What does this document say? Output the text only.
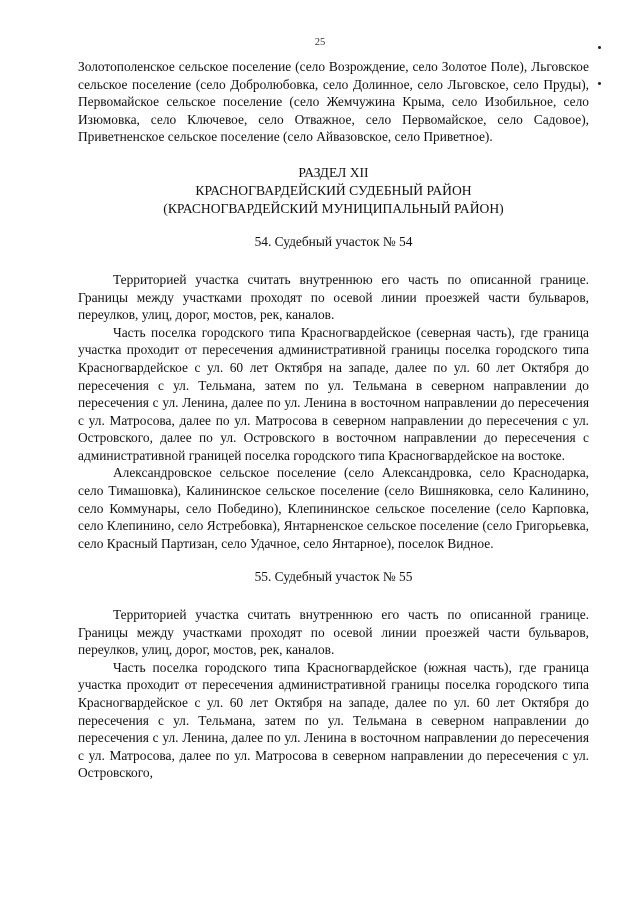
25

Золотополенское сельское поселение (село Возрождение, село Золотое Поле), Льговское сельское поселение (село Добролюбовка, село Долинное, село Льговское, село Пруды), Первомайское сельское поселение (село Жемчужина Крыма, село Изобильное, село Изюмовка, село Ключевое, село Отважное, село Первомайское, село Садовое), Приветненское сельское поселение (село Айвазовское, село Приветное).

РАЗДЕЛ XII

КРАСНОГВАРДЕЙСКИЙ СУДЕБНЫЙ РАЙОН

(КРАСНОГВАРДЕЙСКИЙ МУНИЦИПАЛЬНЫЙ РАЙОН)

54. Судебный участок № 54

Территорией участка считать внутреннюю его часть по описанной границе. Границы между участками проходят по осевой линии проезжей части бульваров, переулков, улиц, дорог, мостов, рек, каналов.

Часть поселка городского типа Красногвардейское (северная часть), где граница участка проходит от пересечения административной границы поселка городского типа Красногвардейское с ул. 60 лет Октября на западе, далее по ул. 60 лет Октября до пересечения с ул. Тельмана, затем по ул. Тельмана в северном направлении до пересечения с ул. Ленина, далее по ул. Ленина в восточном направлении до пересечения с ул. Матросова, далее по ул. Матросова в северном направлении до пересечения с ул. Островского, далее по ул. Островского в восточном направлении до пересечения с административной границей поселка городского типа Красногвардейское на востоке.

Александровское сельское поселение (село Александровка, село Краснодарка, село Тимашовка), Калининское сельское поселение (село Вишняковка, село Калинино, село Коммунары, село Победино), Клепининское сельское поселение (село Карповка, село Клепинино, село Ястребовка), Янтарненское сельское поселение (село Григорьевка, село Красный Партизан, село Удачное, село Янтарное), поселок Видное.

55. Судебный участок № 55

Территорией участка считать внутреннюю его часть по описанной границе. Границы между участками проходят по осевой линии проезжей части бульваров, переулков, улиц, дорог, мостов, рек, каналов.

Часть поселка городского типа Красногвардейское (южная часть), где граница участка проходит от пересечения административной границы поселка городского типа Красногвардейское с ул. 60 лет Октября на западе, далее по ул. 60 лет Октября до пересечения с ул. Тельмана, затем по ул. Тельмана в северном направлении до пересечения с ул. Ленина, далее по ул. Ленина в восточном направлении до пересечения с ул. Матросова, далее по ул. Матросова в северном направлении до пересечения с ул. Островского,
